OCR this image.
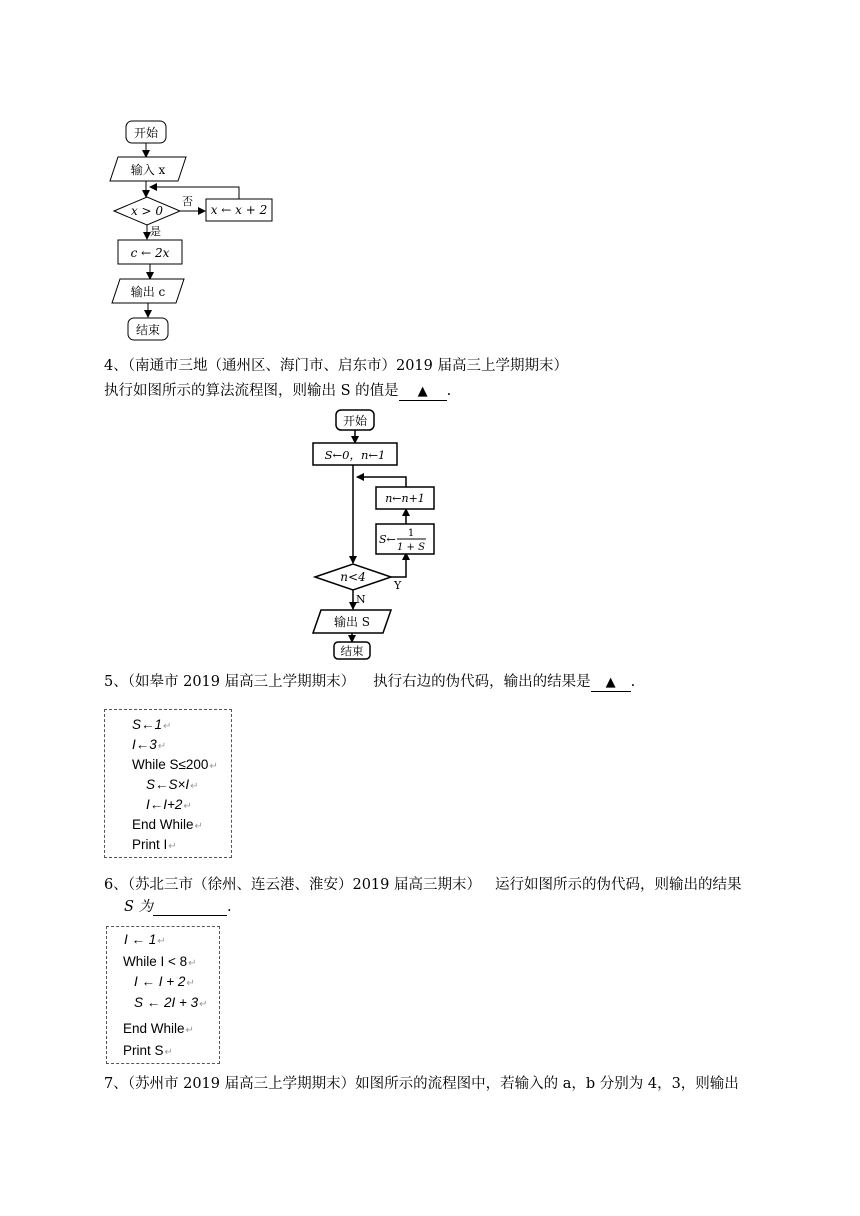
开始
输入 x
x > 0
否
x ← x + 2
是
c ← 2x
输出 c
结束
4、（南通市三地（通州区、海门市、启东市）2019 届高三上学期期末）
执行如图所示的算法流程图，则输出 S 的值是 ▲ .
开始
S←0，n←1
n<4
Y
S← 1
1 + S
n←n+1
N
输出 S
结束
5、（如皋市 2019 届高三上学期期末） 执行右边的伪代码，输出的结果是 ▲ .
S←1↵
I←3↵
While S≤200↵
S←S×I↵
I←I+2↵
End While↵
Print I↵
6、（苏北三市（徐州、连云港、淮安）2019 届高三期末） 运行如图所示的伪代码，则输出的结果
S 为	.
I ← 1↵
While I < 8↵
I ← I + 2↵
S ← 2I + 3↵
End While↵
Print S↵
7、（苏州市 2019 届高三上学期期末）如图所示的流程图中，若输入的 a，b 分别为 4，3，则输出
